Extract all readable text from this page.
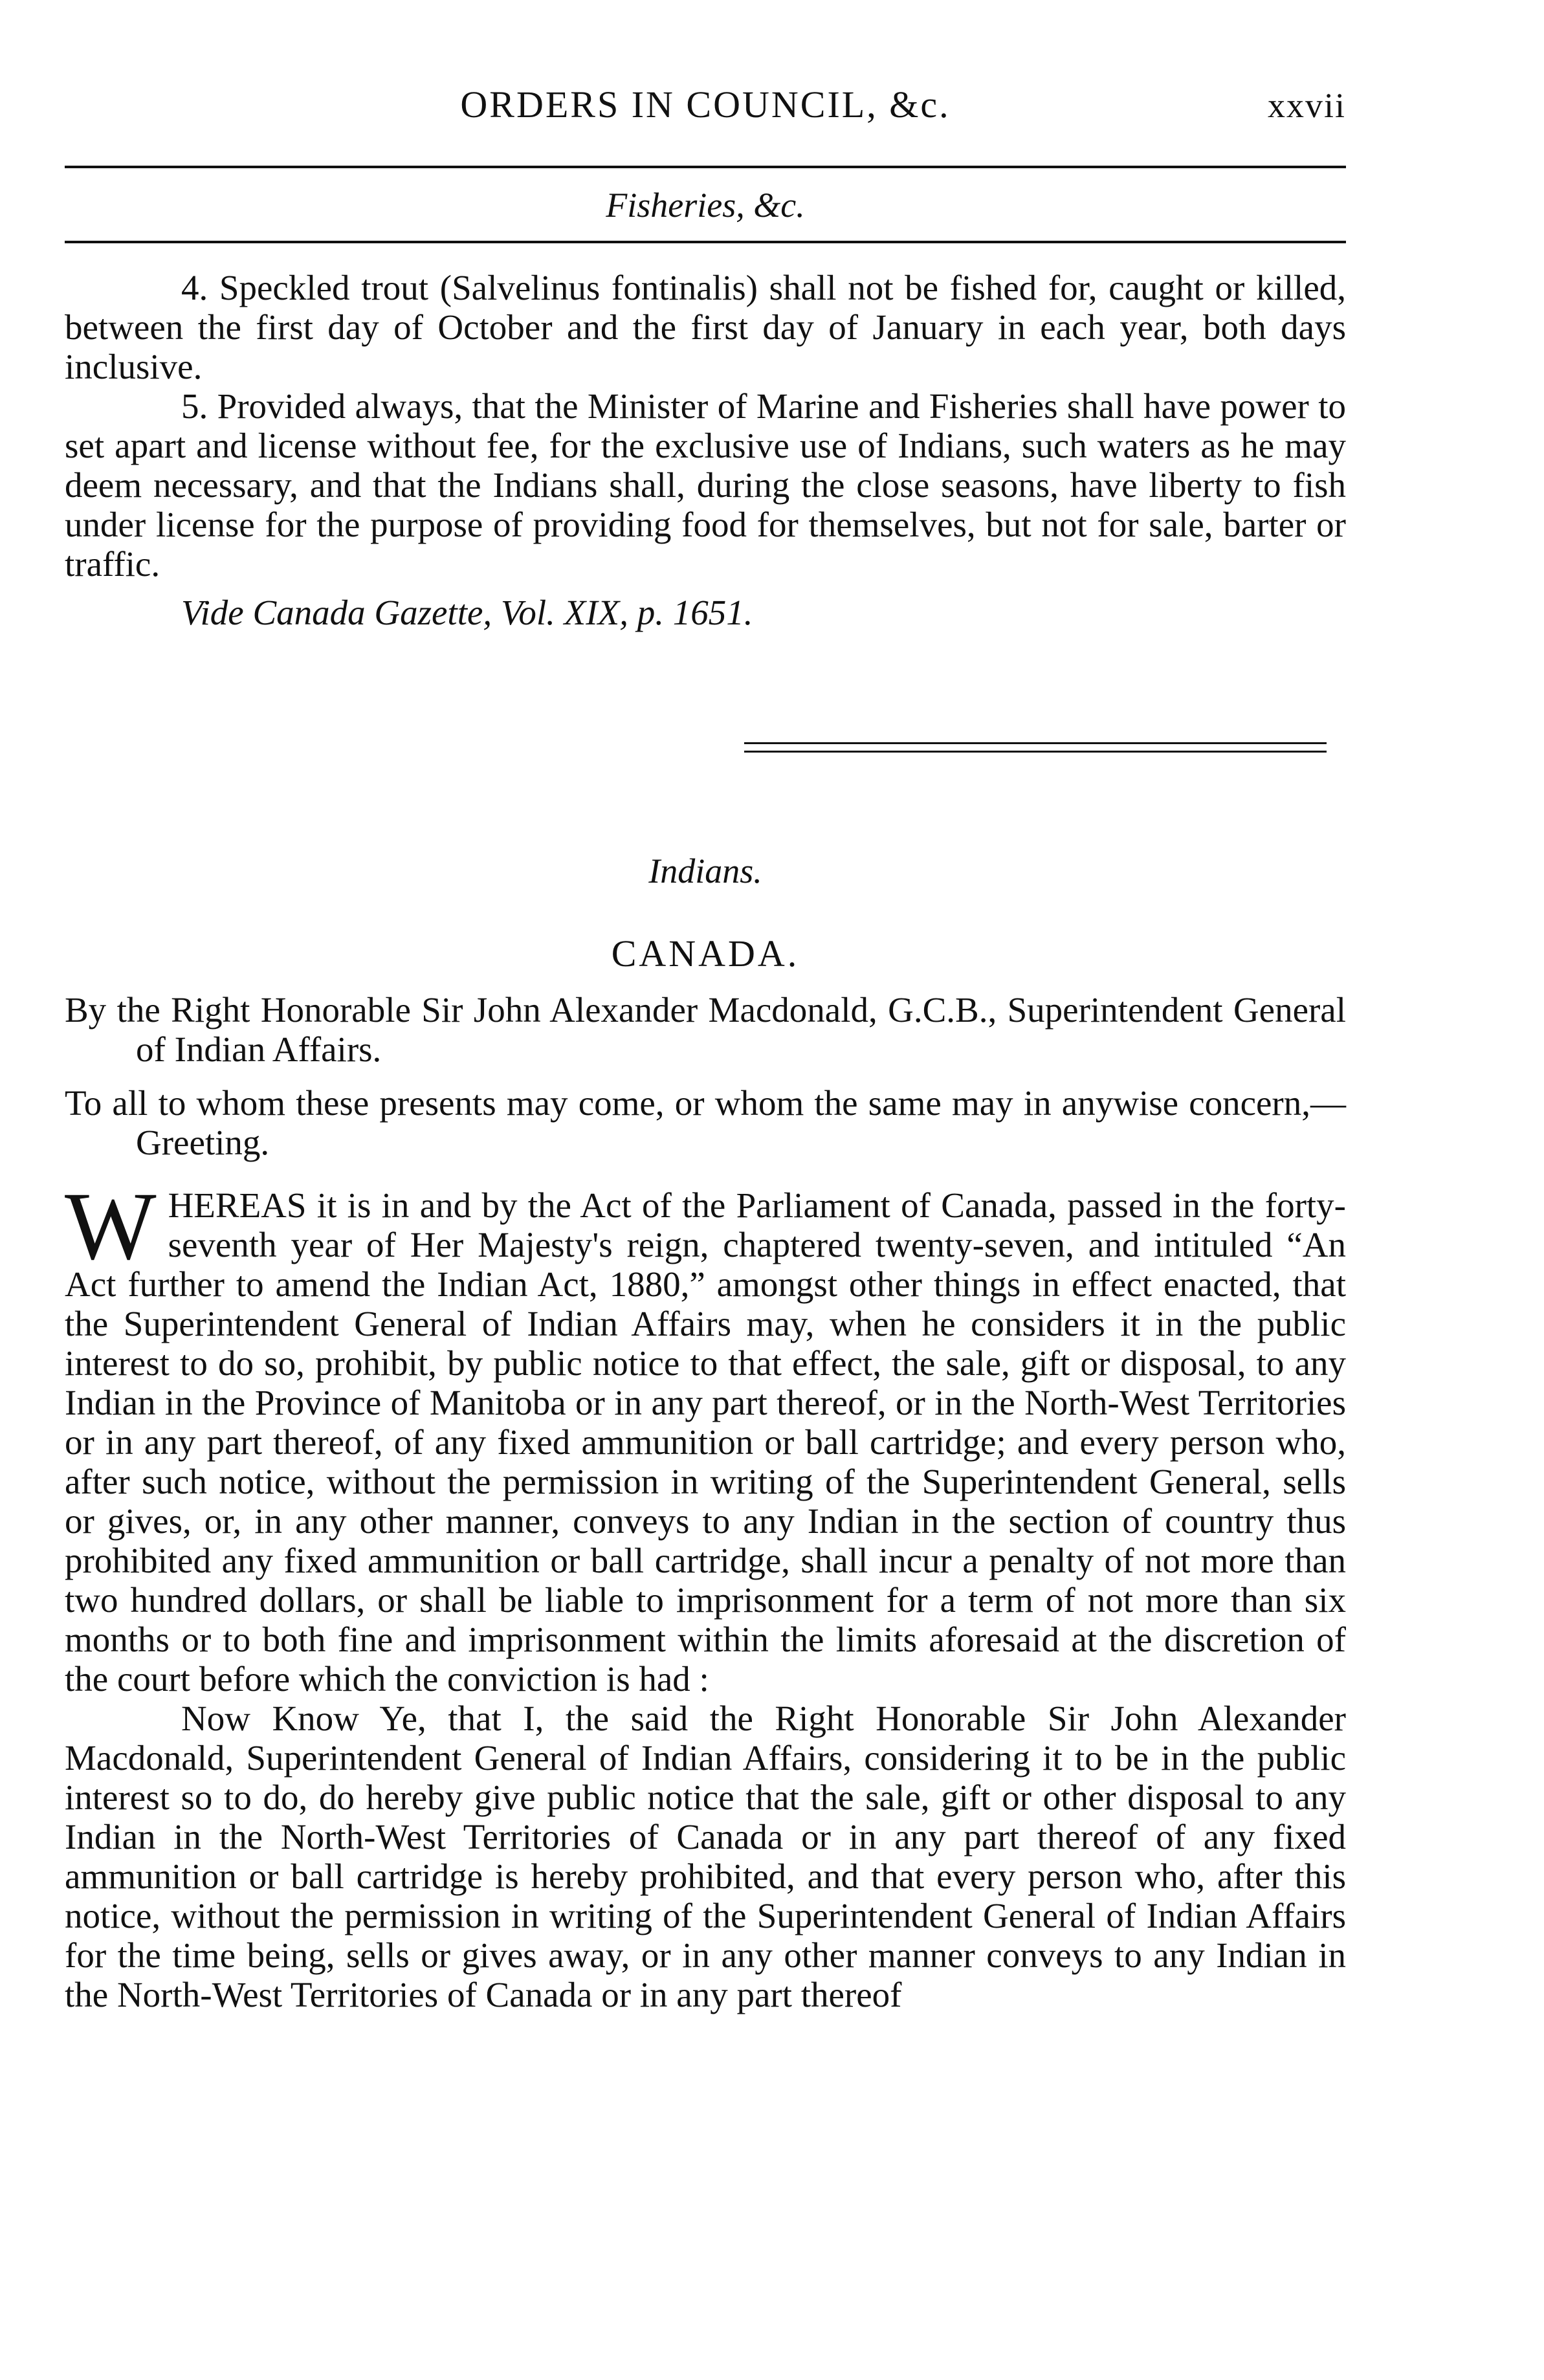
ORDERS IN COUNCIL, &c.	xxvii
Fisheries, &c.

4. Speckled trout (Salvelinus fontinalis) shall not be fished for, caught or killed, between the first day of October and the first day of January in each year, both days inclusive.

5. Provided always, that the Minister of Marine and Fisheries shall have power to set apart and license without fee, for the exclusive use of Indians, such waters as he may deem necessary, and that the Indians shall, during the close seasons, have liberty to fish under license for the purpose of providing food for themselves, but not for sale, barter or traffic.

Vide Canada Gazette, Vol. XIX, p. 1651.

Indians.
CANADA.

By the Right Honorable Sir John Alexander Macdonald, G.C.B., Superintendent General of Indian Affairs.

To all to whom these presents may come, or whom the same may in anywise concern,—Greeting.

WHEREAS it is in and by the Act of the Parliament of Canada, passed in the forty-seventh year of Her Majesty's reign, chaptered twenty-seven, and intituled “An Act further to amend the Indian Act, 1880,” amongst other things in effect enacted, that the Superintendent General of Indian Affairs may, when he considers it in the public interest to do so, prohibit, by public notice to that effect, the sale, gift or disposal, to any Indian in the Province of Manitoba or in any part thereof, or in the North-West Territories or in any part thereof, of any fixed ammunition or ball cartridge; and every person who, after such notice, without the permission in writing of the Superintendent General, sells or gives, or, in any other manner, conveys to any Indian in the section of country thus prohibited any fixed ammunition or ball cartridge, shall incur a penalty of not more than two hundred dollars, or shall be liable to imprisonment for a term of not more than six months or to both fine and imprisonment within the limits aforesaid at the discretion of the court before which the conviction is had :

Now Know Ye, that I, the said the Right Honorable Sir John Alexander Macdonald, Superintendent General of Indian Affairs, considering it to be in the public interest so to do, do hereby give public notice that the sale, gift or other disposal to any Indian in the North-West Territories of Canada or in any part thereof of any fixed ammunition or ball cartridge is hereby prohibited, and that every person who, after this notice, without the permission in writing of the Superintendent General of Indian Affairs for the time being, sells or gives away, or in any other manner conveys to any Indian in the North-West Territories of Canada or in any part thereof
